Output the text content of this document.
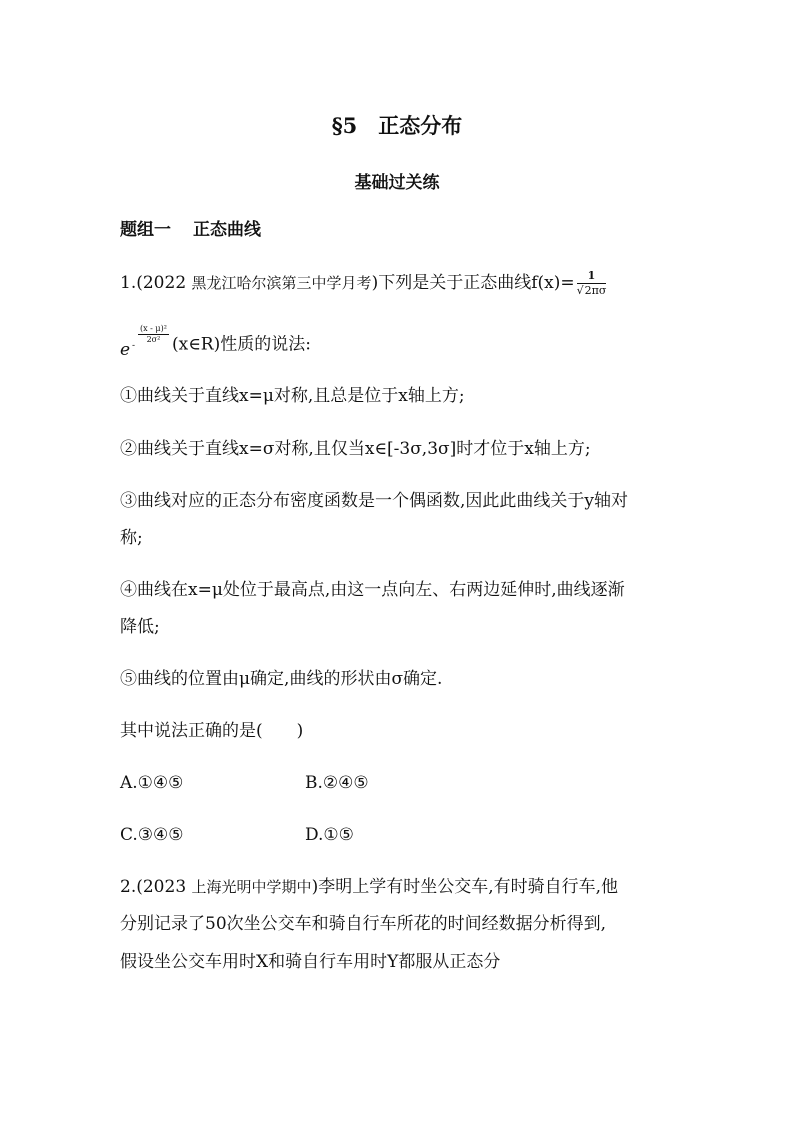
§5　正态分布
基础过关练
题组一 正态曲线
1.(2022 黑龙江哈尔滨第三中学月考)下列是关于正态曲线$f(x)= \frac{1}{√2\pi\sigma}$
e -
$\frac{\text{(x - μ)²}}{\text{2σ²}}$ (x∈R)性质的说法:
①曲线关于直线x=μ对称,且总是位于x轴上方;
②曲线关于直线x=σ对称,且仅当x∈[-3σ,3σ]时才位于x轴上方;
③曲线对应的正态分布密度函数是一个偶函数,因此此曲线关于y轴对
称;
④曲线在x=μ处位于最高点,由这一点向左、右两边延伸时,曲线逐渐
降低;
⑤曲线的位置由μ确定,曲线的形状由σ确定.
其中说法正确的是(　　)
A.①④⑤	B.②④⑤
C.③④⑤	D.①⑤
2.(2023 上海光明中学期中)李明上学有时坐公交车,有时骑自行车,他
分别记录了50次坐公交车和骑自行车所花的时间经数据分析得到,
假设坐公交车用时X和骑自行车用时Y都服从正态分
